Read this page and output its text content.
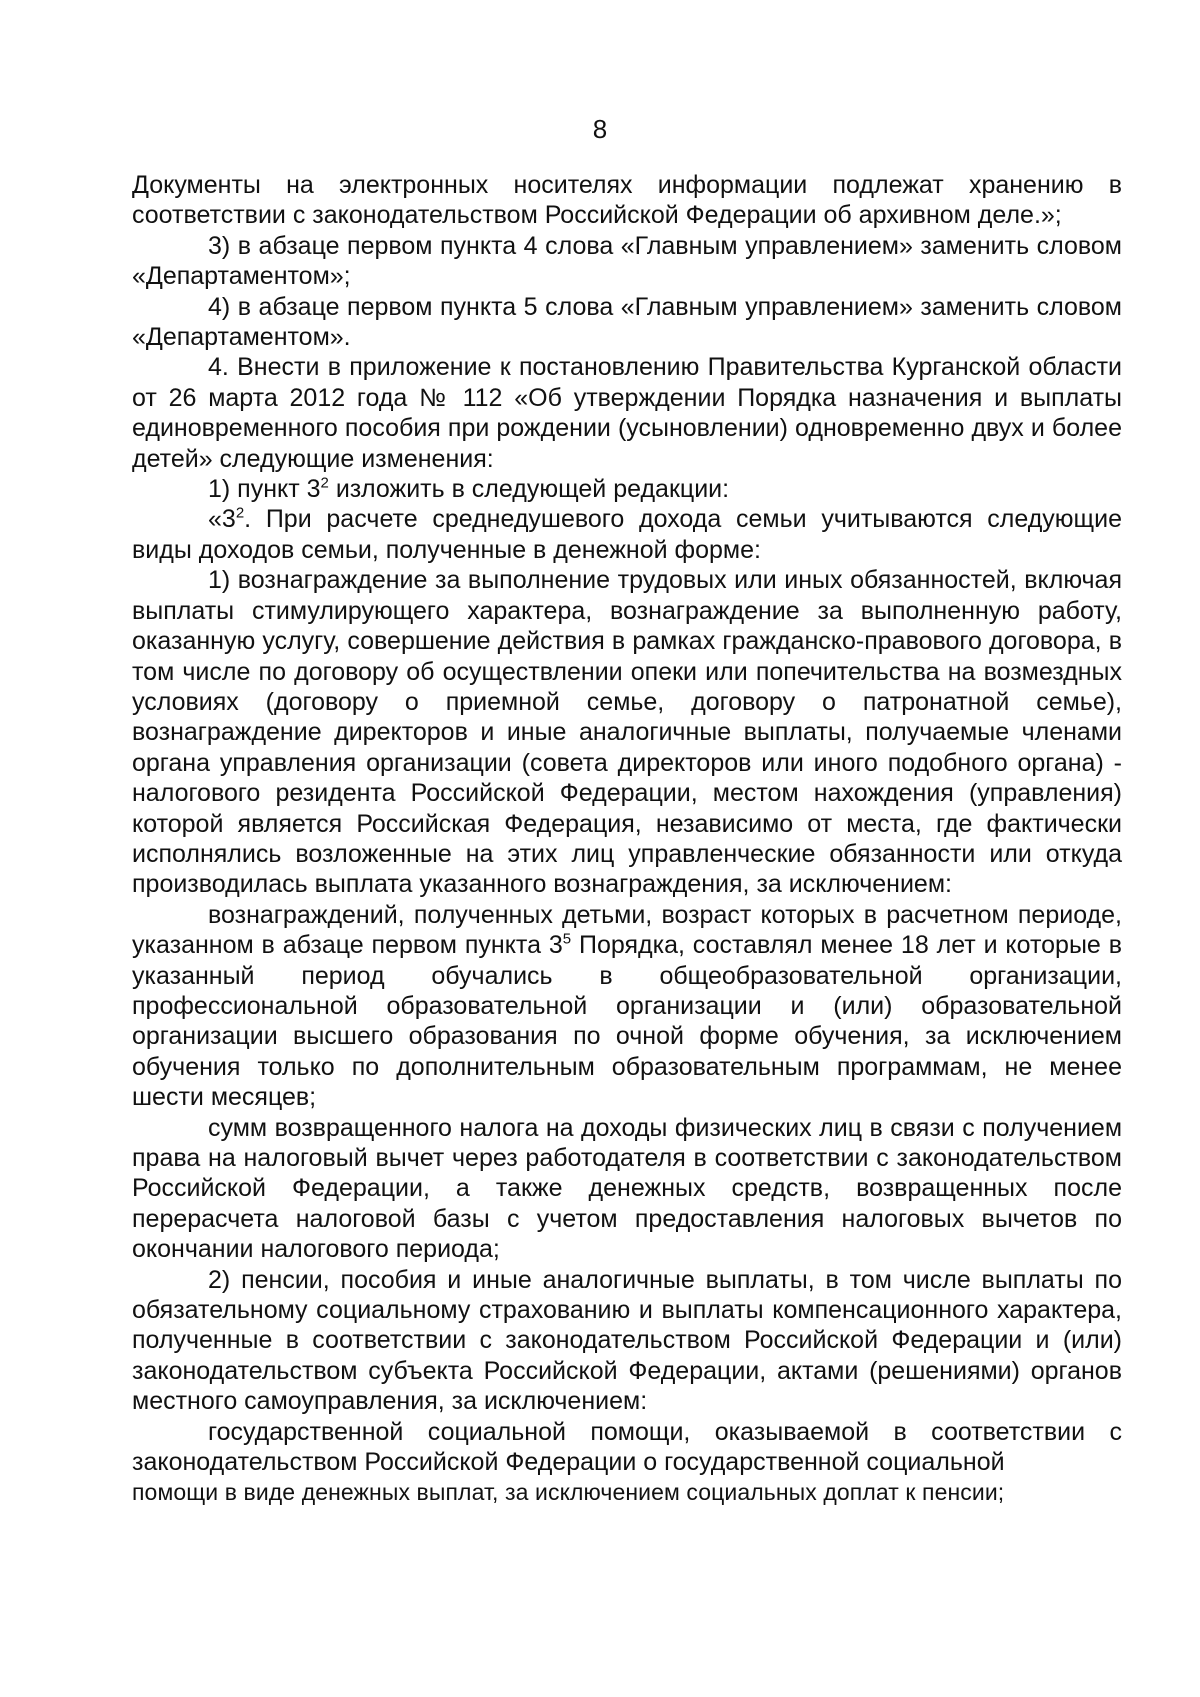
8

Документы на электронных носителях информации подлежат хранению в соответствии с законодательством Российской Федерации об архивном деле.»;

3) в абзаце первом пункта 4 слова «Главным управлением» заменить словом «Департаментом»;

4) в абзаце первом пункта 5 слова «Главным управлением» заменить словом «Департаментом».

4. Внести в приложение к постановлению Правительства Курганской области от 26 марта 2012 года № 112 «Об утверждении Порядка назначения и выплаты единовременного пособия при рождении (усыновлении) одновременно двух и более детей» следующие изменения:

1) пункт $3^2$ изложить в следующей редакции:

«$3^2$. При расчете среднедушевого дохода семьи учитываются следующие виды доходов семьи, полученные в денежной форме:

1) вознаграждение за выполнение трудовых или иных обязанностей, включая выплаты стимулирующего характера, вознаграждение за выполненную работу, оказанную услугу, совершение действия в рамках гражданско-правового договора, в том числе по договору об осуществлении опеки или попечительства на возмездных условиях (договору о приемной семье, договору о патронатной семье), вознаграждение директоров и иные аналогичные выплаты, получаемые членами органа управления организации (совета директоров или иного подобного органа) - налогового резидента Российской Федерации, местом нахождения (управления) которой является Российская Федерация, независимо от места, где фактически исполнялись возложенные на этих лиц управленческие обязанности или откуда производилась выплата указанного вознаграждения, за исключением:

вознаграждений, полученных детьми, возраст которых в расчетном периоде, указанном в абзаце первом пункта $3^5$ Порядка, составлял менее 18 лет и которые в указанный период обучались в общеобразовательной организации, профессиональной образовательной организации и (или) образовательной организации высшего образования по очной форме обучения, за исключением обучения только по дополнительным образовательным программам, не менее шести месяцев;

сумм возвращенного налога на доходы физических лиц в связи с получением права на налоговый вычет через работодателя в соответствии с законодательством Российской Федерации, а также денежных средств, возвращенных после перерасчета налоговой базы с учетом предоставления налоговых вычетов по окончании налогового периода;

2) пенсии, пособия и иные аналогичные выплаты, в том числе выплаты по обязательному социальному страхованию и выплаты компенсационного характера, полученные в соответствии с законодательством Российской Федерации и (или) законодательством субъекта Российской Федерации, актами (решениями) органов местного самоуправления, за исключением:

государственной социальной помощи, оказываемой в соответствии с законодательством Российской Федерации о государственной социальной

помощи в виде денежных выплат, за исключением социальных доплат к пенсии;
